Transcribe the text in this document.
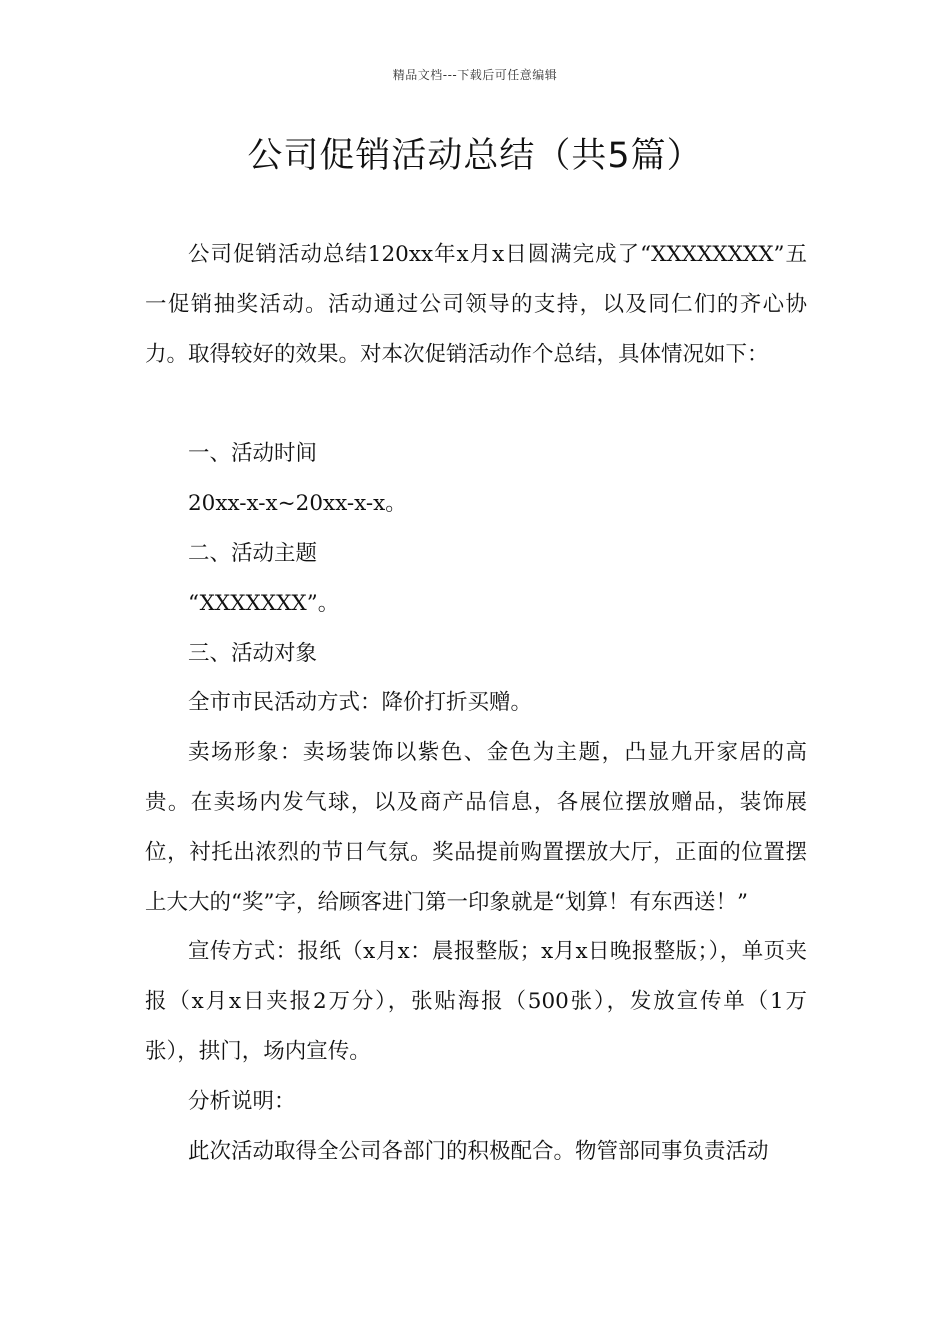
精品文档---下载后可任意编辑
公司促销活动总结（共5篇）

公司促销活动总结120xx年x月x日圆满完成了“XXXXXXXX”五一促销抽奖活动。活动通过公司领导的支持，以及同仁们的齐心协力。取得较好的效果。对本次促销活动作个总结，具体情况如下：

一、活动时间

20xx-x-x~20xx-x-x。

二、活动主题

“XXXXXXX”。

三、活动对象

全市市民活动方式：降价打折买赠。

卖场形象：卖场装饰以紫色、金色为主题，凸显九开家居的高贵。在卖场内发气球，以及商产品信息，各展位摆放赠品，装饰展位，衬托出浓烈的节日气氛。奖品提前购置摆放大厅，正面的位置摆上大大的“奖”字，给顾客进门第一印象就是“划算！有东西送！”

宣传方式：报纸（x月x：晨报整版；x月x日晚报整版；），单页夹报（x月x日夹报2万分），张贴海报（500张），发放宣传单（1万张），拱门，场内宣传。

分析说明：

此次活动取得全公司各部门的积极配合。物管部同事负责活动
